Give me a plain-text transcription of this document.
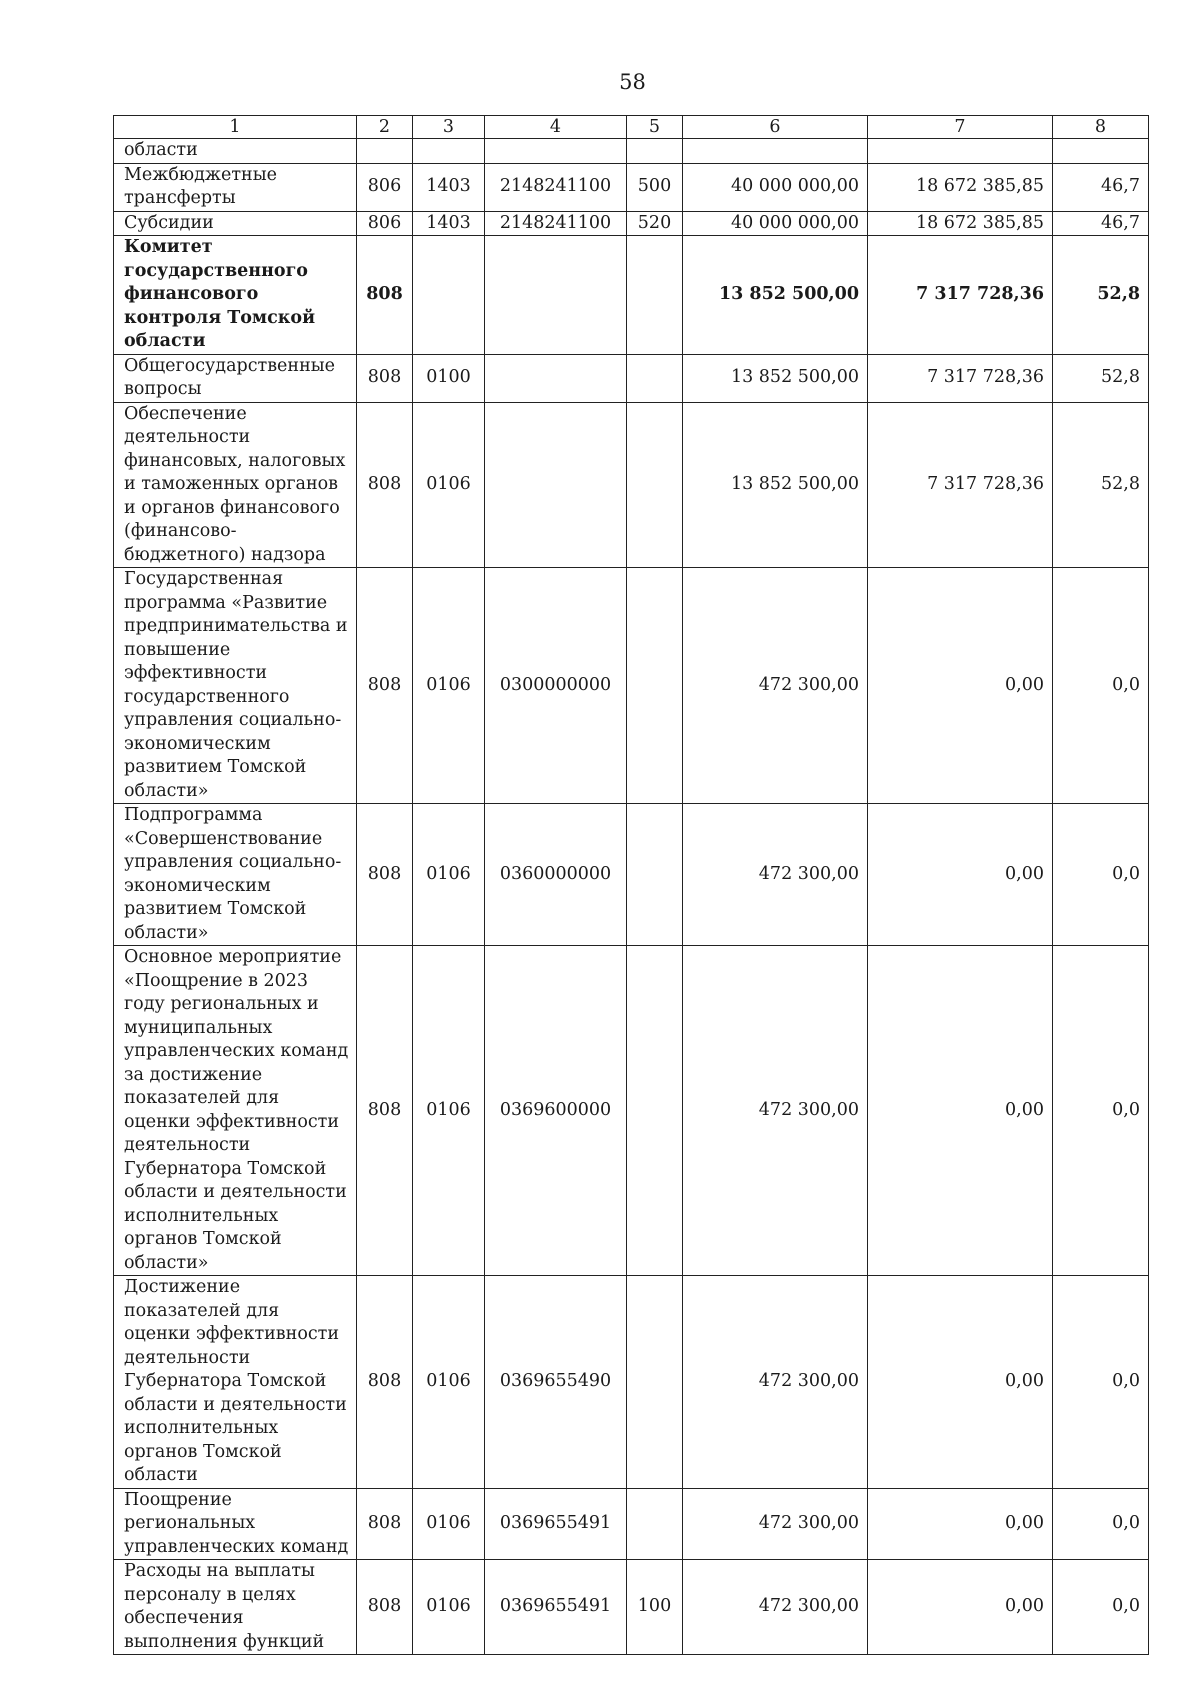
58
1	2	3	4	5	6	7	8
области							
Межбюджетные трансферты	806	1403	2148241100	500	40 000 000,00	18 672 385,85	46,7
Субсидии	806	1403	2148241100	520	40 000 000,00	18 672 385,85	46,7
Комитет государственного финансового контроля Томской области	808				13 852 500,00	7 317 728,36	52,8
Общегосударственные вопросы	808	0100			13 852 500,00	7 317 728,36	52,8
Обеспечение деятельности финансовых, налоговых и таможенных органов и органов финансового (финансово-бюджетного) надзора	808	0106			13 852 500,00	7 317 728,36	52,8
Государственная программа «Развитие предпринимательства и повышение эффективности государственного управления социально-экономическим развитием Томской области»	808	0106	0300000000		472 300,00	0,00	0,0
Подпрограмма «Совершенствование управления социально-экономическим развитием Томской области»	808	0106	0360000000		472 300,00	0,00	0,0
Основное мероприятие «Поощрение в 2023 году региональных и муниципальных управленческих команд за достижение показателей для оценки эффективности деятельности Губернатора Томской области и деятельности исполнительных органов Томской области»	808	0106	0369600000		472 300,00	0,00	0,0
Достижение показателей для оценки эффективности деятельности Губернатора Томской области и деятельности исполнительных органов Томской области	808	0106	0369655490		472 300,00	0,00	0,0
Поощрение региональных управленческих команд	808	0106	0369655491		472 300,00	0,00	0,0
Расходы на выплаты персоналу в целях обеспечения выполнения функций	808	0106	0369655491	100	472 300,00	0,00	0,0
